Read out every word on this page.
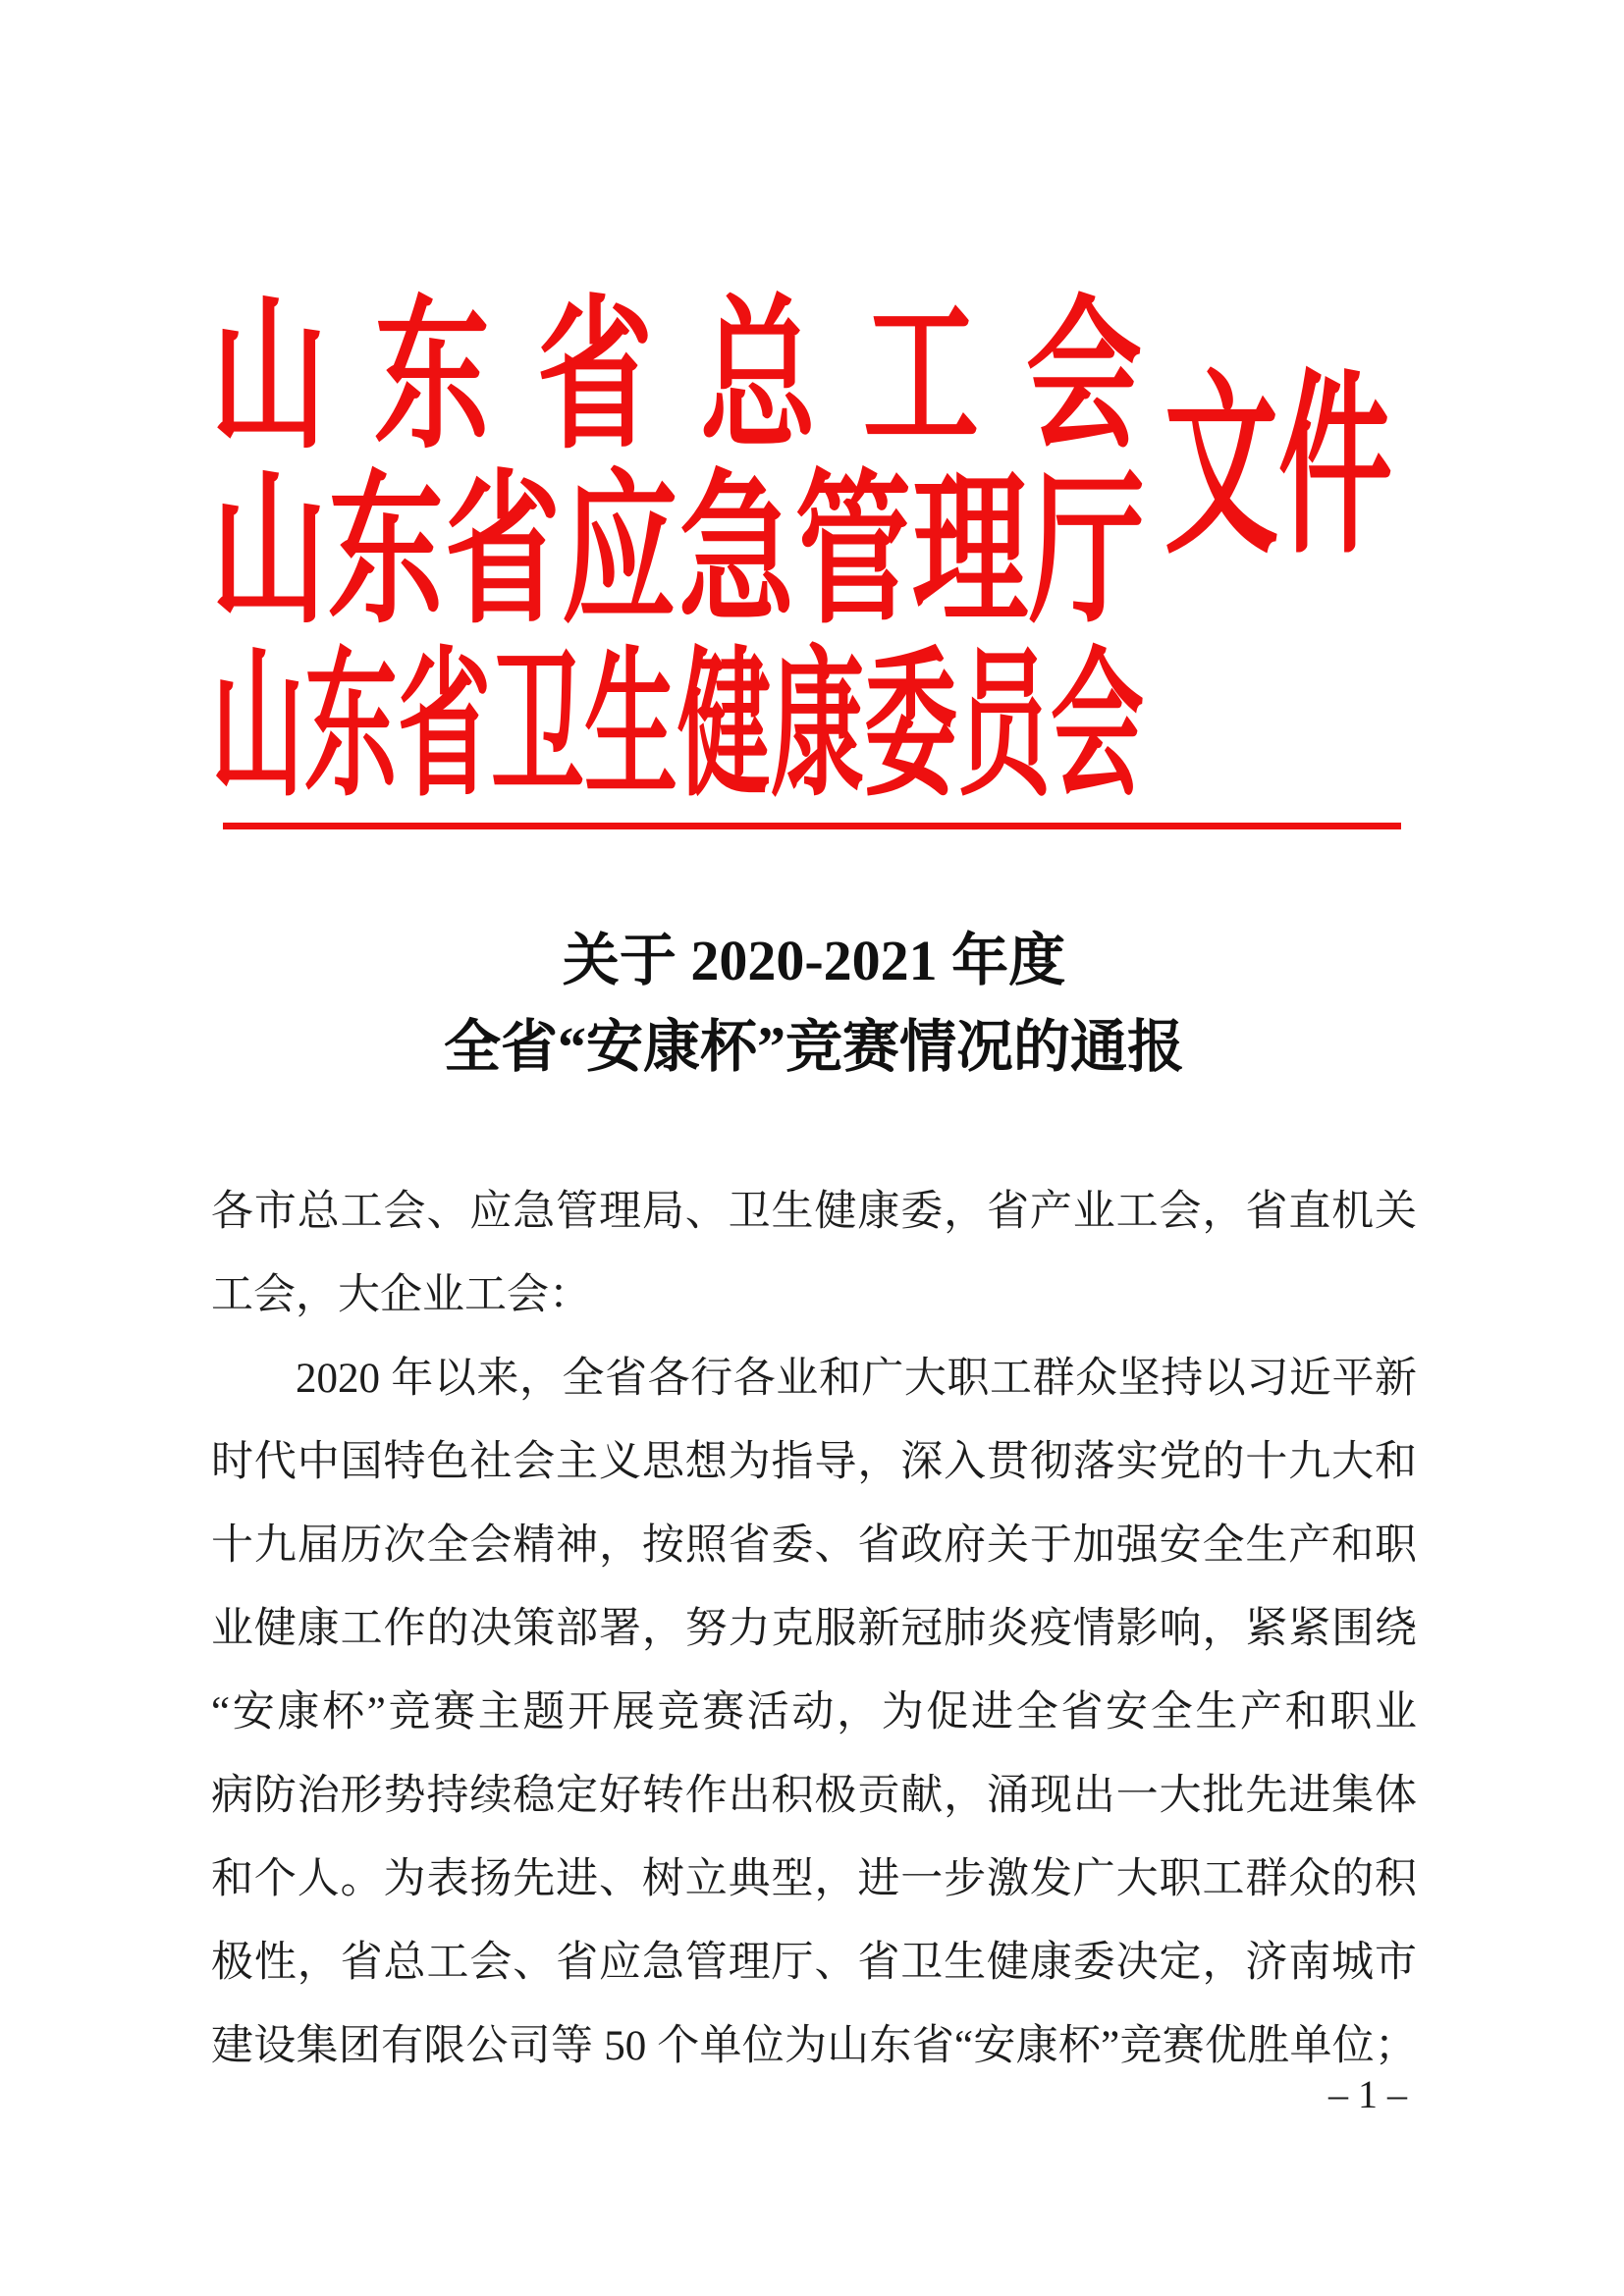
山东省总工会
山东省应急管理厅
山东省卫生健康委员会
文件
关于 2020-2021 年度
全省“安康杯”竞赛情况的通报
各市总工会、应急管理局、卫生健康委，省产业工会，省直机关
工会，大企业工会：
2020 年以来，全省各行各业和广大职工群众坚持以习近平新
时代中国特色社会主义思想为指导，深入贯彻落实党的十九大和
十九届历次全会精神，按照省委、省政府关于加强安全生产和职
业健康工作的决策部署，努力克服新冠肺炎疫情影响，紧紧围绕
“安康杯”竞赛主题开展竞赛活动，为促进全省安全生产和职业
病防治形势持续稳定好转作出积极贡献，涌现出一大批先进集体
和个人。为表扬先进、树立典型，进一步激发广大职工群众的积
极性，省总工会、省应急管理厅、省卫生健康委决定，济南城市
建设集团有限公司等 50 个单位为山东省“安康杯”竞赛优胜单位；
– 1 –
